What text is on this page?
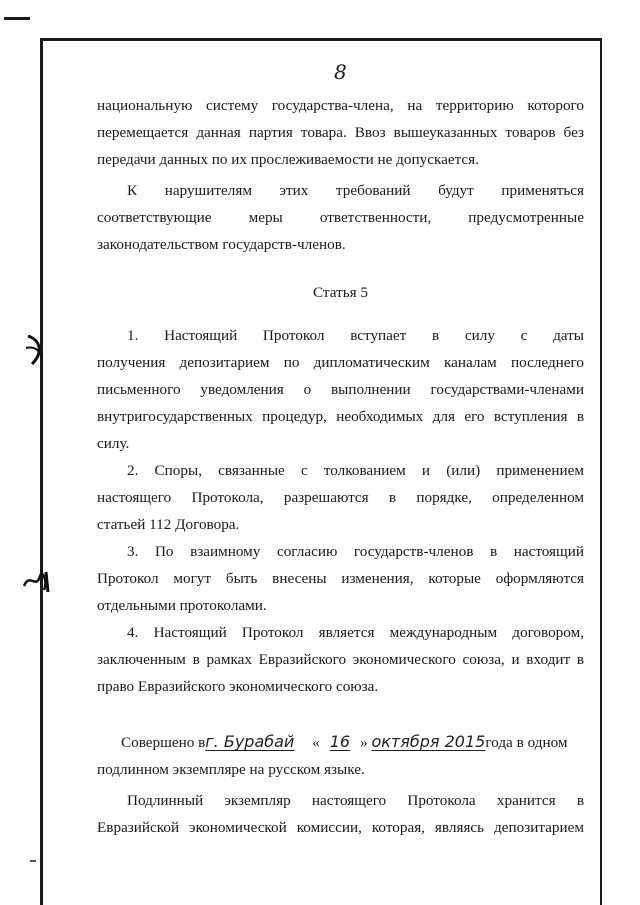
8
национальную систему государства-члена, на территорию которого
перемещается данная партия товара. Ввоз вышеуказанных товаров без
передачи данных по их прослеживаемости не допускается.
К нарушителям этих требований будут применяться
соответствующие меры ответственности, предусмотренные
законодательством государств-членов.
Статья 5
1. Настоящий Протокол вступает в силу с даты
получения депозитарием по дипломатическим каналам последнего
письменного уведомления о выполнении государствами-членами
внутригосударственных процедур, необходимых для его вступления в
силу.
2. Споры, связанные с толкованием и (или) применением
настоящего Протокола, разрешаются в порядке, определенном
статьей 112 Договора.
3. По взаимному согласию государств-членов в настоящий
Протокол могут быть внесены изменения, которые оформляются
отдельными протоколами.
4. Настоящий Протокол является международным договором,
заключенным в рамках Евразийского экономического союза, и входит в
право Евразийского экономического союза.
Совершено вг. Бурабай « 16 » октября 2015года в одном
подлинном экземпляре на русском языке.
Подлинный экземпляр настоящего Протокола хранится в
Евразийской экономической комиссии, которая, являясь депозитарием
